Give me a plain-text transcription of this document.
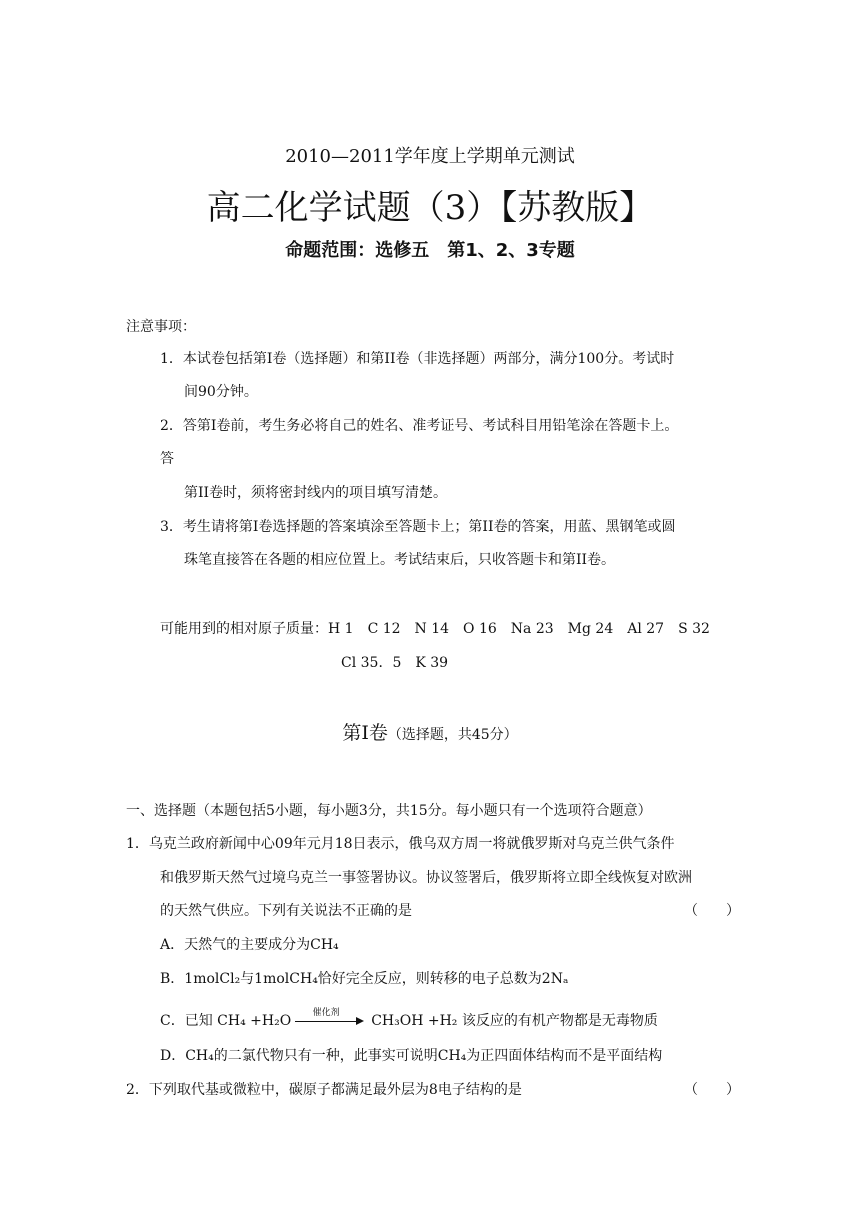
2010—2011学年度上学期单元测试
高二化学试题（3）【苏教版】
命题范围：选修五　第1、2、3专题
注意事项：
1．本试卷包括第I卷（选择题）和第II卷（非选择题）两部分，满分100分。考试时
间90分钟。
2．答第I卷前，考生务必将自己的姓名、准考证号、考试科目用铅笔涂在答题卡上。
答
第II卷时，须将密封线内的项目填写清楚。
3．考生请将第I卷选择题的答案填涂至答题卡上；第II卷的答案，用蓝、黑钢笔或圆
珠笔直接答在各题的相应位置上。考试结束后，只收答题卡和第II卷。
可能用到的相对原子质量：H 1　C 12　N 14　O 16　Na 23　Mg 24　Al 27　S 32
Cl 35．5　K 39
第I卷（选择题，共45分）
一、选择题（本题包括5小题，每小题3分，共15分。每小题只有一个选项符合题意）
1．乌克兰政府新闻中心09年元月18日表示，俄乌双方周一将就俄罗斯对乌克兰供气条件
和俄罗斯天然气过境乌克兰一事签署协议。协议签署后，俄罗斯将立即全线恢复对欧洲
的天然气供应。下列有关说法不正确的是	（　　）
A．天然气的主要成分为CH₄
B．1molCl₂与1molCH₄恰好完全反应，则转移的电子总数为2Nₐ
C．已知 CH₄ +H₂O	催化剂	CH₃OH +H₂ 该反应的有机产物都是无毒物质
D．CH₄的二氯代物只有一种，此事实可说明CH₄为正四面体结构而不是平面结构
2．下列取代基或微粒中，碳原子都满足最外层为8电子结构的是	（　　）
